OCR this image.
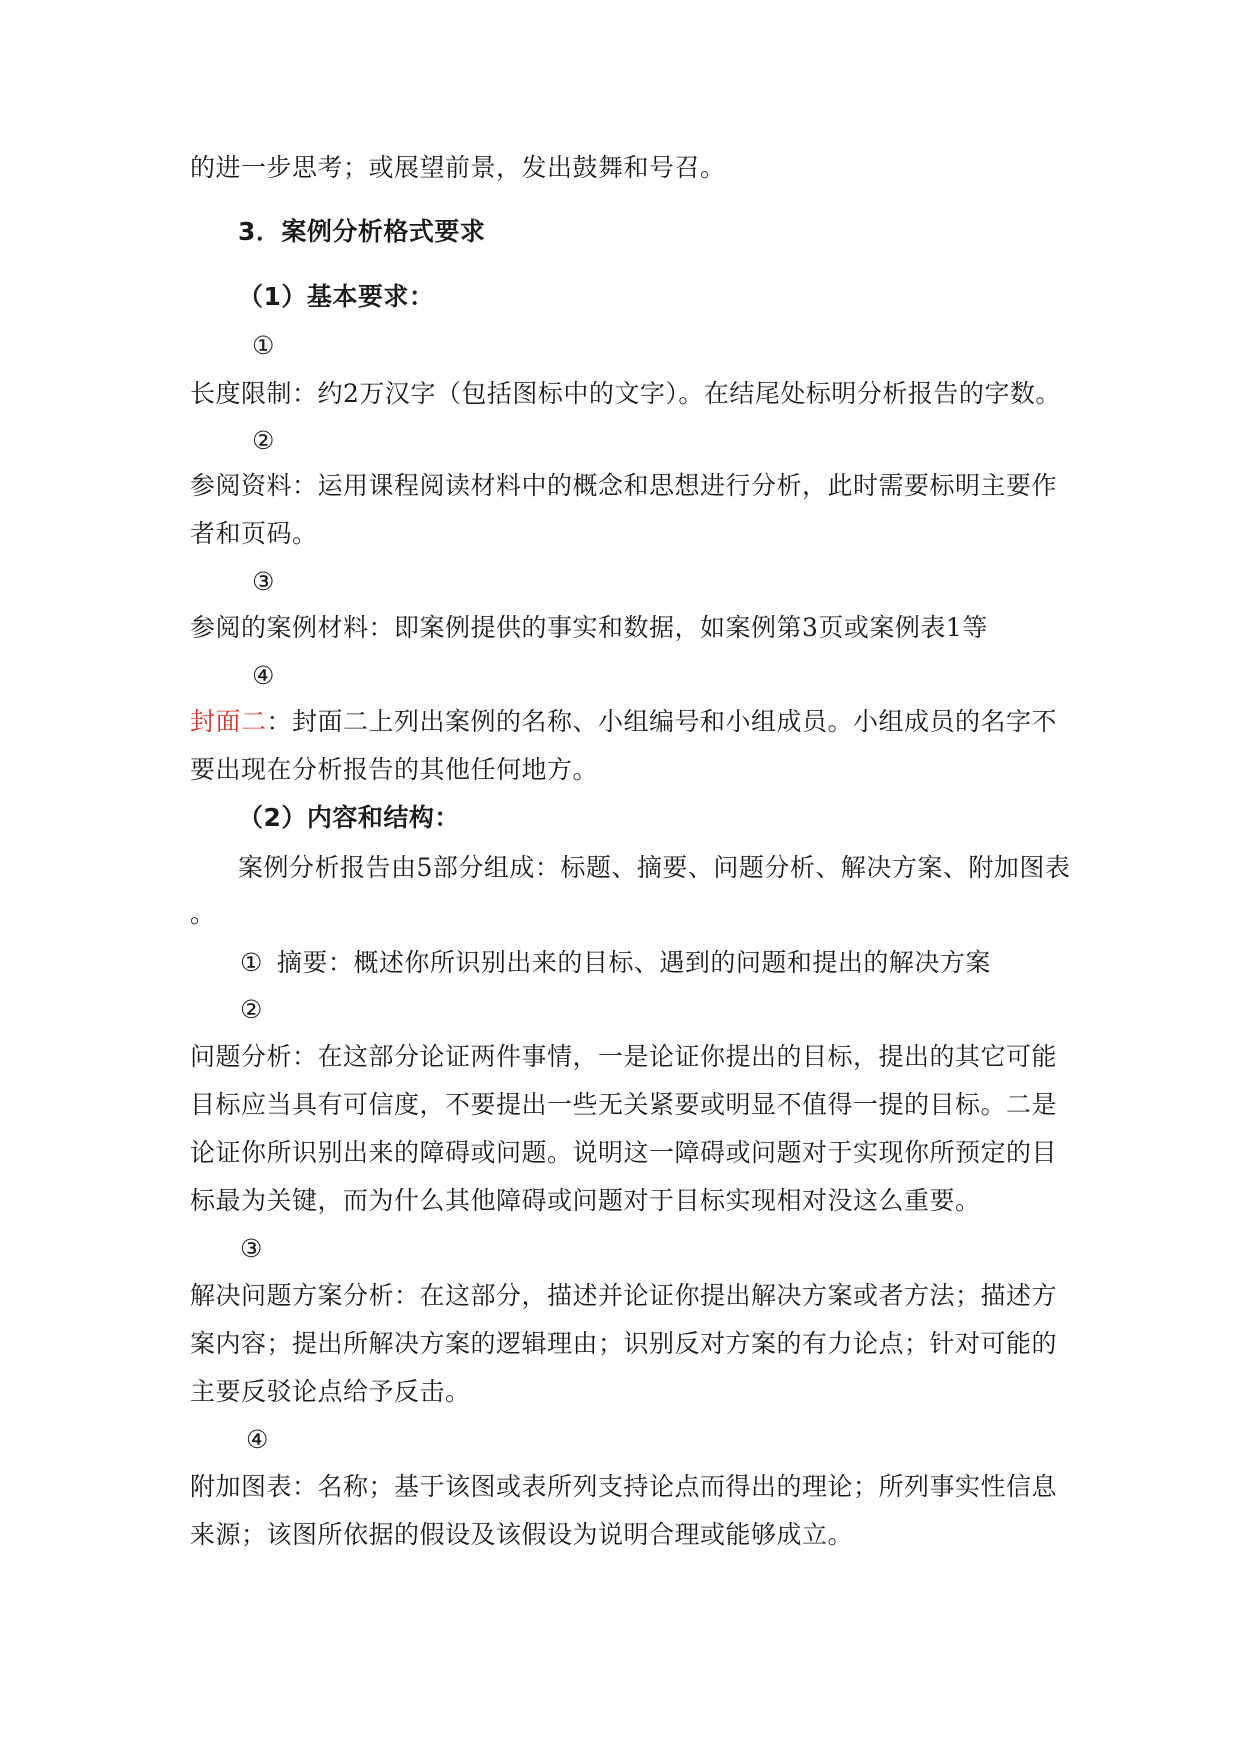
的进一步思考；或展望前景，发出鼓舞和号召。
3．案例分析格式要求
（1）基本要求：
①
长度限制：约2万汉字（包括图标中的文字）。在结尾处标明分析报告的字数。
②
参阅资料：运用课程阅读材料中的概念和思想进行分析，此时需要标明主要作
者和页码。
③
参阅的案例材料：即案例提供的事实和数据，如案例第3页或案例表1等
④
封面二：封面二上列出案例的名称、小组编号和小组成员。小组成员的名字不
要出现在分析报告的其他任何地方。
（2）内容和结构：
案例分析报告由5部分组成：标题、摘要、问题分析、解决方案、附加图表
。
① 摘要：概述你所识别出来的目标、遇到的问题和提出的解决方案
②
问题分析：在这部分论证两件事情，一是论证你提出的目标，提出的其它可能
目标应当具有可信度，不要提出一些无关紧要或明显不值得一提的目标。二是
论证你所识别出来的障碍或问题。说明这一障碍或问题对于实现你所预定的目
标最为关键，而为什么其他障碍或问题对于目标实现相对没这么重要。
③
解决问题方案分析：在这部分，描述并论证你提出解决方案或者方法；描述方
案内容；提出所解决方案的逻辑理由；识别反对方案的有力论点；针对可能的
主要反驳论点给予反击。
④
附加图表：名称；基于该图或表所列支持论点而得出的理论；所列事实性信息
来源；该图所依据的假设及该假设为说明合理或能够成立。
